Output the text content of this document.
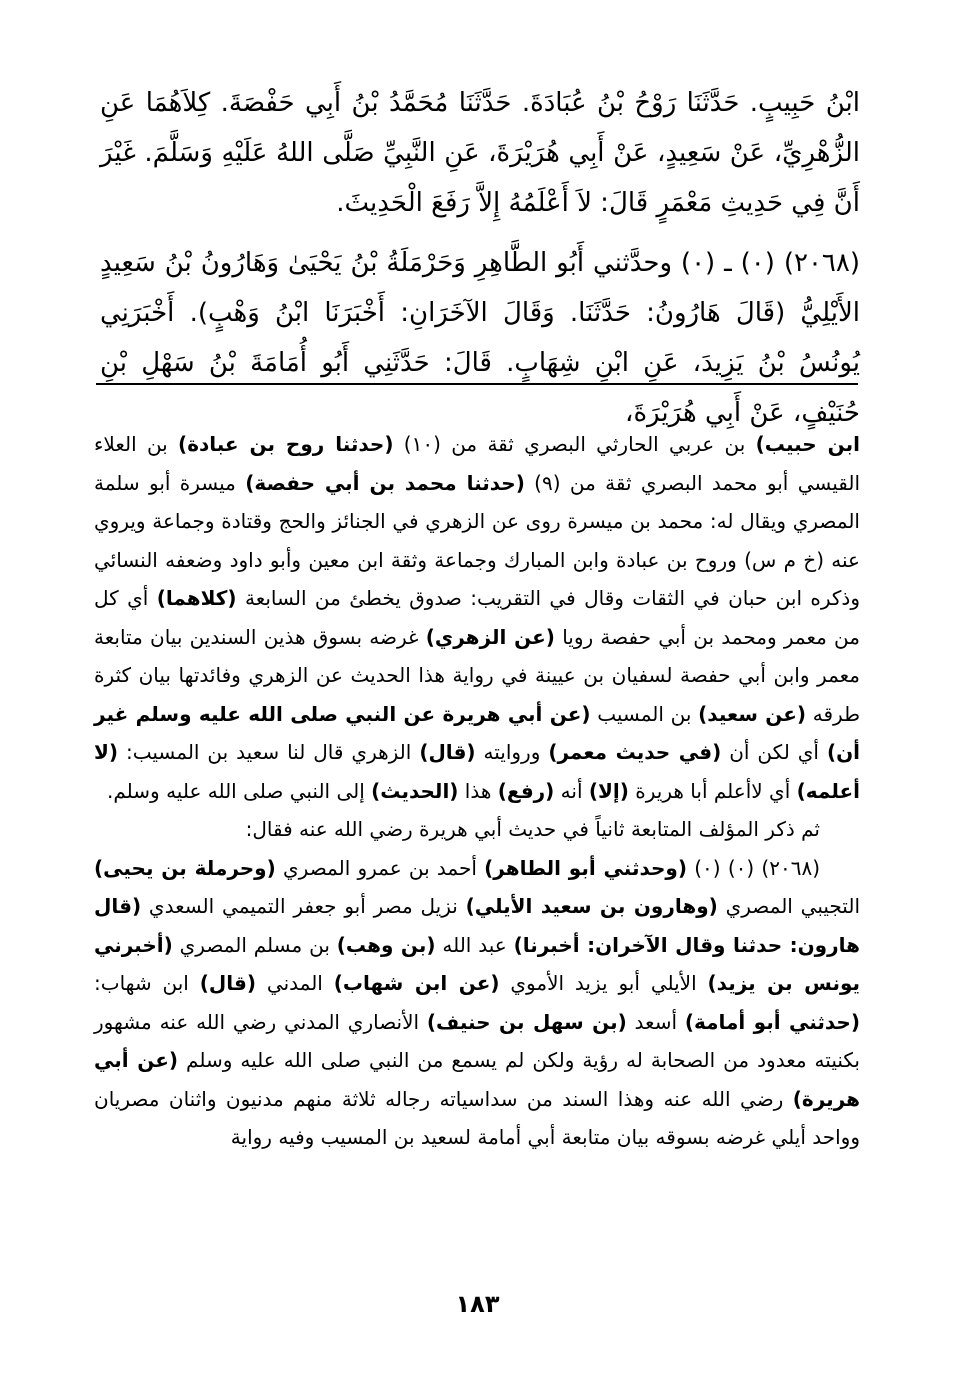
ابْنُ حَبِيبٍ. حَدَّثَنَا رَوْحُ بْنُ عُبَادَةَ. حَدَّثَنَا مُحَمَّدُ بْنُ أَبِي حَفْصَةَ. كِلاَهُمَا عَنِ الزُّهْرِيِّ، عَنْ سَعِيدٍ، عَنْ أَبِي هُرَيْرَةَ، عَنِ النَّبِيِّ صَلَّى اللهُ عَلَيْهِ وَسَلَّمَ. غَيْرَ أَنَّ فِي حَدِيثِ مَعْمَرٍ قَالَ: لاَ أَعْلَمُهُ إِلاَّ رَفَعَ الْحَدِيثَ.

(٢٠٦٨) (٠) ـ (٠) وحدَّثني أَبُو الطَّاهِرِ وَحَرْمَلَةُ بْنُ يَحْيَىٰ وَهَارُونُ بْنُ سَعِيدٍ الأَيْلِيُّ (قَالَ هَارُونُ: حَدَّثَنَا. وَقَالَ الآخَرَانِ: أَخْبَرَنَا ابْنُ وَهْبٍ). أَخْبَرَنِي يُونُسُ بْنُ يَزِيدَ، عَنِ ابْنِ شِهَابٍ. قَالَ: حَدَّثَنِي أَبُو أُمَامَةَ بْنُ سَهْلِ بْنِ حُنَيْفٍ، عَنْ أَبِي هُرَيْرَةَ،

ابن حبيب) بن عربي الحارثي البصري ثقة من (١٠) (حدثنا روح بن عبادة) بن العلاء القيسي أبو محمد البصري ثقة من (٩) (حدثنا محمد بن أبي حفصة) ميسرة أبو سلمة المصري ويقال له: محمد بن ميسرة روى عن الزهري في الجنائز والحج وقتادة وجماعة ويروي عنه (خ م س) وروح بن عبادة وابن المبارك وجماعة وثقة ابن معين وأبو داود وضعفه النسائي وذكره ابن حبان في الثقات وقال في التقريب: صدوق يخطئ من السابعة (كلاهما) أي كل من معمر ومحمد بن أبي حفصة رويا (عن الزهري) غرضه بسوق هذين السندين بيان متابعة معمر وابن أبي حفصة لسفيان بن عيينة في رواية هذا الحديث عن الزهري وفائدتها بيان كثرة طرقه (عن سعيد) بن المسيب (عن أبي هريرة عن النبي صلى الله عليه وسلم غير أن) أي لكن أن (في حديث معمر) وروايته (قال) الزهري قال لنا سعيد بن المسيب: (لا أعلمه) أي لاأعلم أبا هريرة (إلا) أنه (رفع) هذا (الحديث) إلى النبي صلى الله عليه وسلم.

ثم ذكر المؤلف المتابعة ثانياً في حديث أبي هريرة رضي الله عنه فقال:

(٢٠٦٨) (٠) (٠) (وحدثني أبو الطاهر) أحمد بن عمرو المصري (وحرملة بن يحيى) التجيبي المصري (وهارون بن سعيد الأيلي) نزيل مصر أبو جعفر التميمي السعدي (قال هارون: حدثنا وقال الآخران: أخبرنا) عبد الله (بن وهب) بن مسلم المصري (أخبرني يونس بن يزيد) الأيلي أبو يزيد الأموي (عن ابن شهاب) المدني (قال) ابن شهاب: (حدثني أبو أمامة) أسعد (بن سهل بن حنيف) الأنصاري المدني رضي الله عنه مشهور بكنيته معدود من الصحابة له رؤية ولكن لم يسمع من النبي صلى الله عليه وسلم (عن أبي هريرة) رضي الله عنه وهذا السند من سداسياته رجاله ثلاثة منهم مدنيون واثنان مصريان وواحد أيلي غرضه بسوقه بيان متابعة أبي أمامة لسعيد بن المسيب وفيه رواية

١٨٣
